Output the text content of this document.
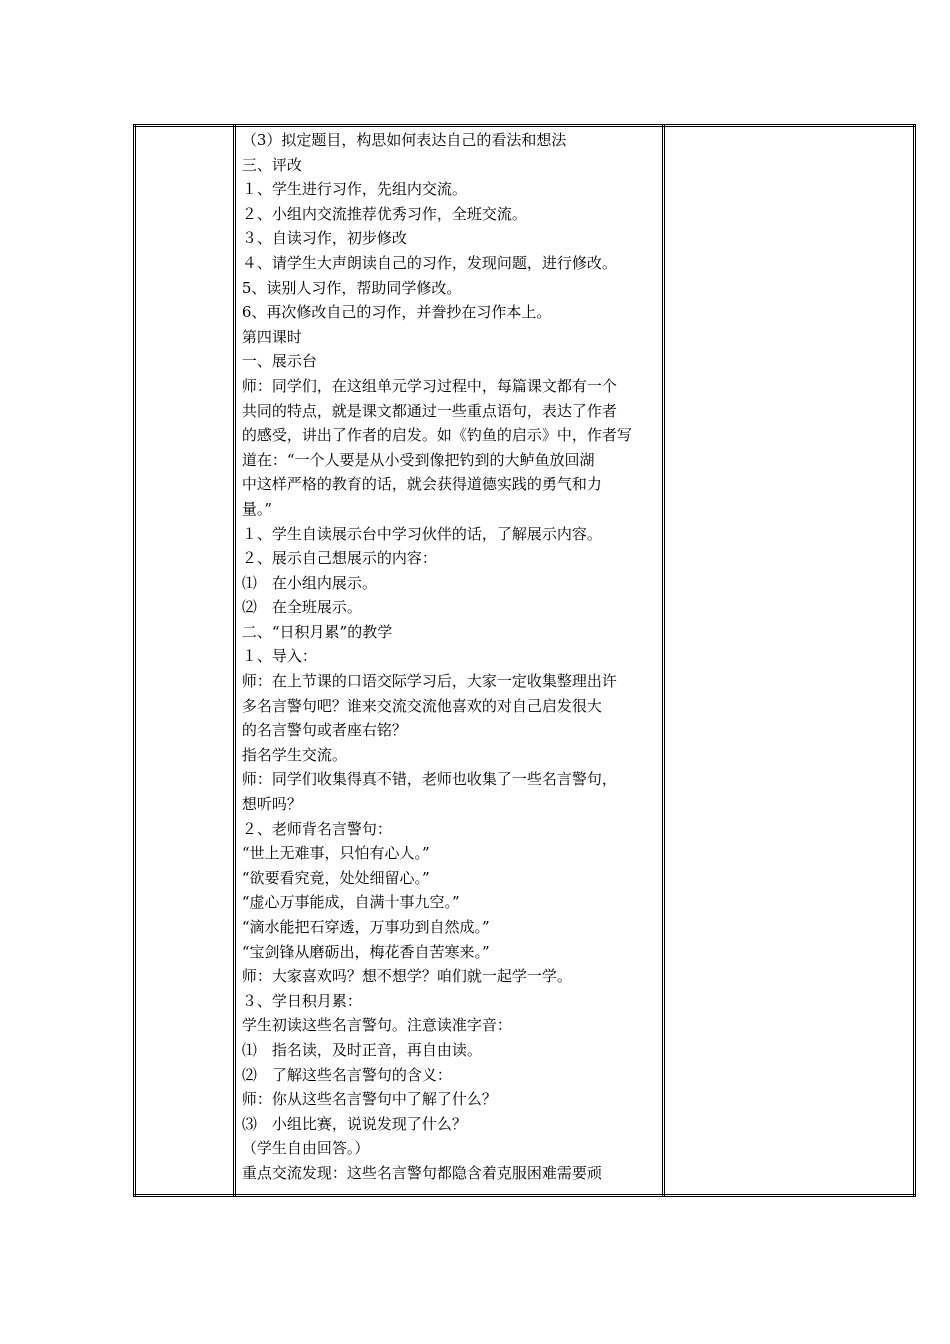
（3）拟定题目，构思如何表达自己的看法和想法
三、评改
１、学生进行习作，先组内交流。
２、小组内交流推荐优秀习作，全班交流。
３、自读习作，初步修改
４、请学生大声朗读自己的习作，发现问题，进行修改。
5、读别人习作，帮助同学修改。
6、再次修改自己的习作，并誊抄在习作本上。
第四课时
一、展示台
师：同学们，在这组单元学习过程中，每篇课文都有一个
共同的特点，就是课文都通过一些重点语句，表达了作者
的感受，讲出了作者的启发。如《钓鱼的启示》中，作者写
道在：“一个人要是从小受到像把钓到的大鲈鱼放回湖
中这样严格的教育的话，就会获得道德实践的勇气和力
量。”
１、学生自读展示台中学习伙伴的话，了解展示内容。
２、展示自己想展示的内容：
⑴　在小组内展示。
⑵　在全班展示。
二、“日积月累”的教学
１、导入：
师：在上节课的口语交际学习后，大家一定收集整理出许
多名言警句吧？谁来交流交流他喜欢的对自己启发很大
的名言警句或者座右铭？
指名学生交流。
师：同学们收集得真不错，老师也收集了一些名言警句，
想听吗？
２、老师背名言警句：
“世上无难事，只怕有心人。”
“欲要看究竟，处处细留心。”
“虚心万事能成，自满十事九空。”
“滴水能把石穿透，万事功到自然成。”
“宝剑锋从磨砺出，梅花香自苦寒来。”
师：大家喜欢吗？想不想学？咱们就一起学一学。
３、学日积月累：
学生初读这些名言警句。注意读准字音：
⑴　指名读，及时正音，再自由读。
⑵　了解这些名言警句的含义：
师：你从这些名言警句中了解了什么？
⑶　小组比赛，说说发现了什么？
（学生自由回答。）
重点交流发现：这些名言警句都隐含着克服困难需要顽
